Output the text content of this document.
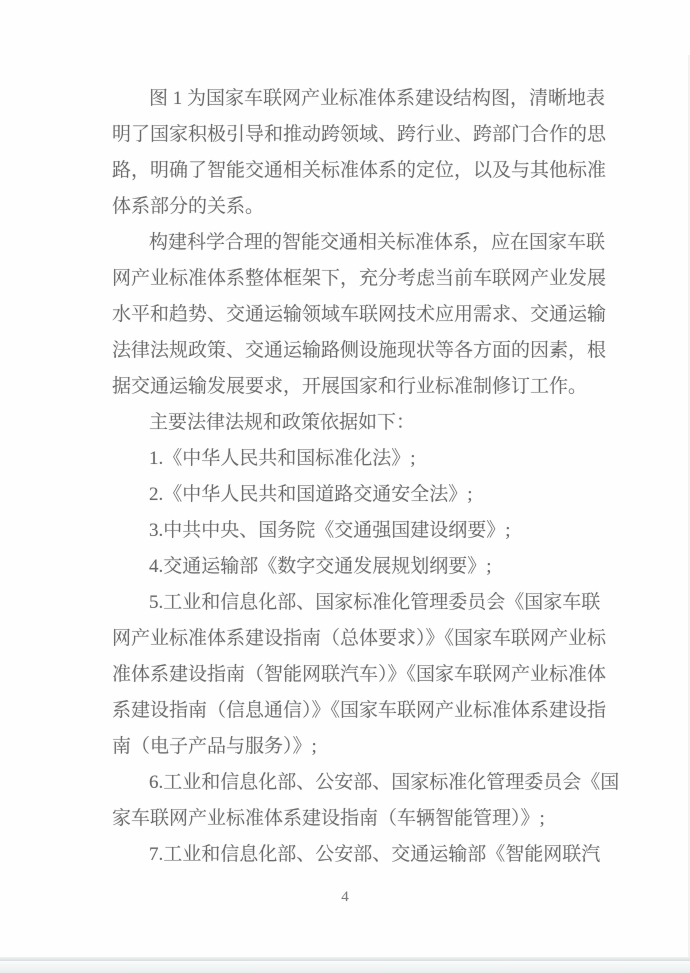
图 1 为国家车联网产业标准体系建设结构图，清晰地表
明了国家积极引导和推动跨领域、跨行业、跨部门合作的思
路，明确了智能交通相关标准体系的定位，以及与其他标准
体系部分的关系。
构建科学合理的智能交通相关标准体系，应在国家车联
网产业标准体系整体框架下，充分考虑当前车联网产业发展
水平和趋势、交通运输领域车联网技术应用需求、交通运输
法律法规政策、交通运输路侧设施现状等各方面的因素，根
据交通运输发展要求，开展国家和行业标准制修订工作。
主要法律法规和政策依据如下：
1.《中华人民共和国标准化法》;
2.《中华人民共和国道路交通安全法》;
3.中共中央、国务院《交通强国建设纲要》;
4.交通运输部《数字交通发展规划纲要》;
5.工业和信息化部、国家标准化管理委员会《国家车联
网产业标准体系建设指南（总体要求）》《国家车联网产业标
准体系建设指南（智能网联汽车）》《国家车联网产业标准体
系建设指南（信息通信）》《国家车联网产业标准体系建设指
南（电子产品与服务）》;
6.工业和信息化部、公安部、国家标准化管理委员会《国
家车联网产业标准体系建设指南（车辆智能管理）》;
7.工业和信息化部、公安部、交通运输部《智能网联汽
4
